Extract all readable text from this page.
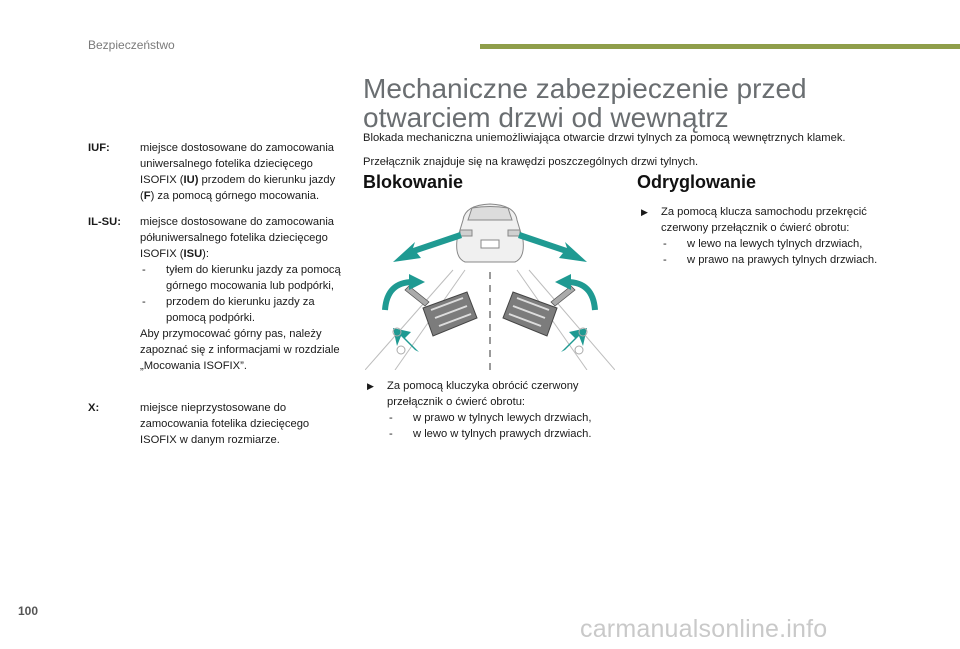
Bezpieczeństwo
IUF:	miejsce dostosowane do zamocowania uniwersalnego fotelika dziecięcego ISOFIX (IU) przodem do kierunku jazdy (F) za pomocą górnego mocowania.

IL-SU:	miejsce dostosowane do zamocowania półuniwersalnego fotelika dziecięcego ISOFIX (ISU):

-	tyłem do kierunku jazdy za pomocą górnego mocowania lub podpórki,
-	przodem do kierunku jazdy za pomocą podpórki.

Aby przymocować górny pas, należy zapoznać się z informacjami w rozdziale „Mocowania ISOFIX”.

X:	miejsce nieprzystosowane do zamocowania fotelika dziecięcego ISOFIX w danym rozmiarze.
Mechaniczne zabezpieczenie przed otwarciem drzwi od wewnątrz

Blokada mechaniczna uniemożliwiająca otwarcie drzwi tylnych za pomocą wewnętrznych klamek.

Przełącznik znajduje się na krawędzi poszczególnych drzwi tylnych.

Blokowanie	Odryglowanie
▶	Za pomocą kluczyka obrócić czerwony przełącznik o ćwierć obrotu:

-	w prawo w tylnych lewych drzwiach,
-	w lewo w tylnych prawych drzwiach.
▶	Za pomocą klucza samochodu przekręcić czerwony przełącznik o ćwierć obrotu:

-	w lewo na lewych tylnych drzwiach,
-	w prawo na prawych tylnych drzwiach.
100
carmanualsonline.info
